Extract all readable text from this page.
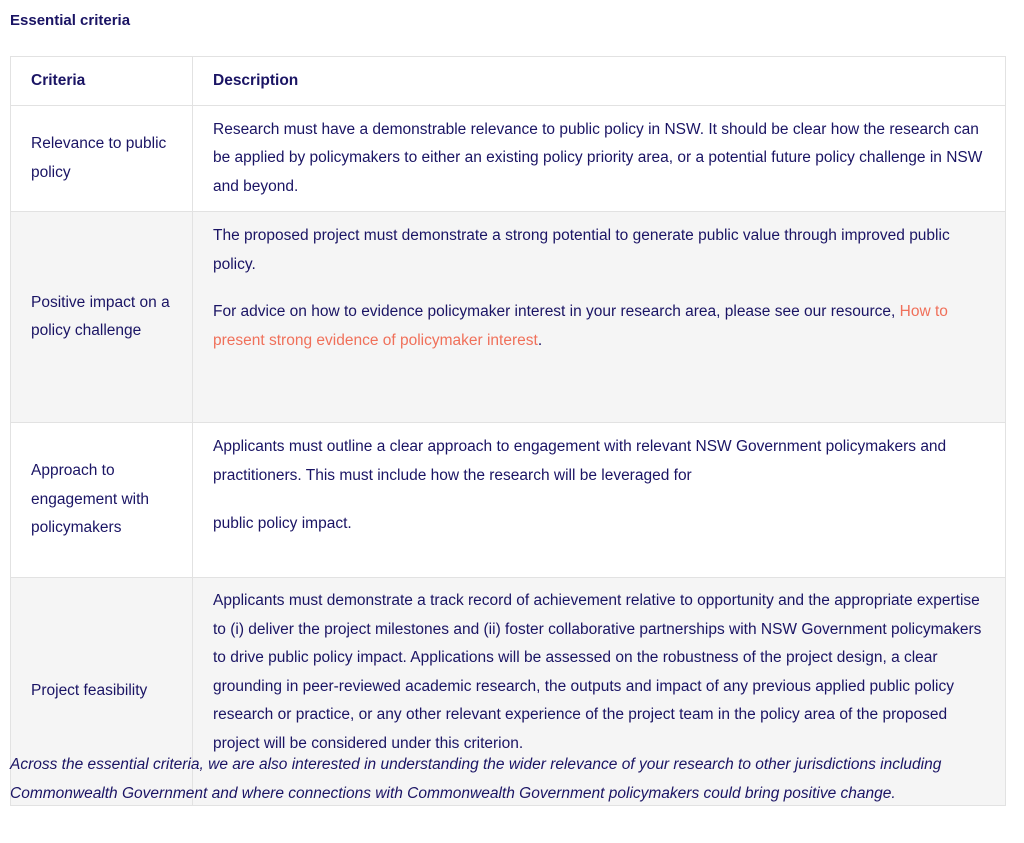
Essential criteria
Criteria	Description
Relevance to public policy	Research must have a demonstrable relevance to public policy in NSW. It should be clear how the research can be applied by policymakers to either an existing policy priority area, or a potential future policy challenge in NSW and beyond.

Positive impact on a policy challenge	The proposed project must demonstrate a strong potential to generate public value through improved public policy.

For advice on how to evidence policymaker interest in your research area, please see our resource, How to present strong evidence of policymaker interest.

Approach to engagement with policymakers	Applicants must outline a clear approach to engagement with relevant NSW Government policymakers and practitioners. This must include how the research will be leveraged for

public policy impact.

Project feasibility	Applicants must demonstrate a track record of achievement relative to opportunity and the appropriate expertise to (i) deliver the project milestones and (ii) foster collaborative partnerships with NSW Government policymakers to drive public policy impact. Applications will be assessed on the robustness of the project design, a clear grounding in peer-reviewed academic research, the outputs and impact of any previous applied public policy research or practice, or any other relevant experience of the project team in the policy area of the proposed project will be considered under this criterion.

Across the essential criteria, we are also interested in understanding the wider relevance of your research to other jurisdictions including Commonwealth Government and where connections with Commonwealth Government policymakers could bring positive change.
